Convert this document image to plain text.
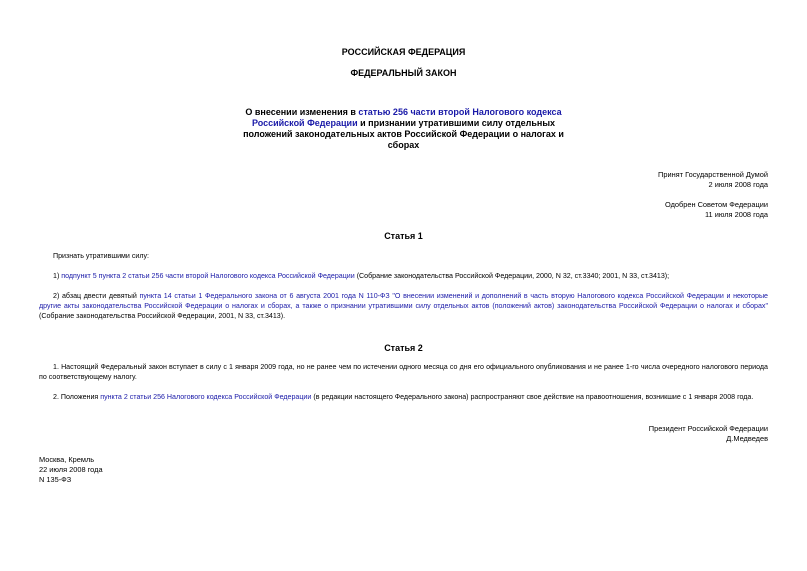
РОССИЙСКАЯ ФЕДЕРАЦИЯ
ФЕДЕРАЛЬНЫЙ ЗАКОН
О внесении изменения в статью 256 части второй Налогового кодекса Российской Федерации и признании утратившими силу отдельных положений законодательных актов Российской Федерации о налогах и сборах
Принят Государственной Думой
2 июля 2008 года
Одобрен Советом Федерации
11 июля 2008 года
Статья 1
Признать утратившими силу:
1) подпункт 5 пункта 2 статьи 256 части второй Налогового кодекса Российской Федерации (Собрание законодательства Российской Федерации, 2000, N 32, ст.3340; 2001, N 33, ст.3413);
2) абзац двести девятый пункта 14 статьи 1 Федерального закона от 6 августа 2001 года N 110-ФЗ "О внесении изменений и дополнений в часть вторую Налогового кодекса Российской Федерации и некоторые другие акты законодательства Российской Федерации о налогах и сборах, а также о признании утратившими силу отдельных актов (положений актов) законодательства Российской Федерации о налогах и сборах" (Собрание законодательства Российской Федерации, 2001, N 33, ст.3413).
Статья 2
1. Настоящий Федеральный закон вступает в силу с 1 января 2009 года, но не ранее чем по истечении одного месяца со дня его официального опубликования и не ранее 1-го числа очередного налогового периода по соответствующему налогу.
2. Положения пункта 2 статьи 256 Налогового кодекса Российской Федерации (в редакции настоящего Федерального закона) распространяют свое действие на правоотношения, возникшие с 1 января 2008 года.
Президент Российской Федерации
Д.Медведев
Москва, Кремль
22 июля 2008 года
N 135-ФЗ
